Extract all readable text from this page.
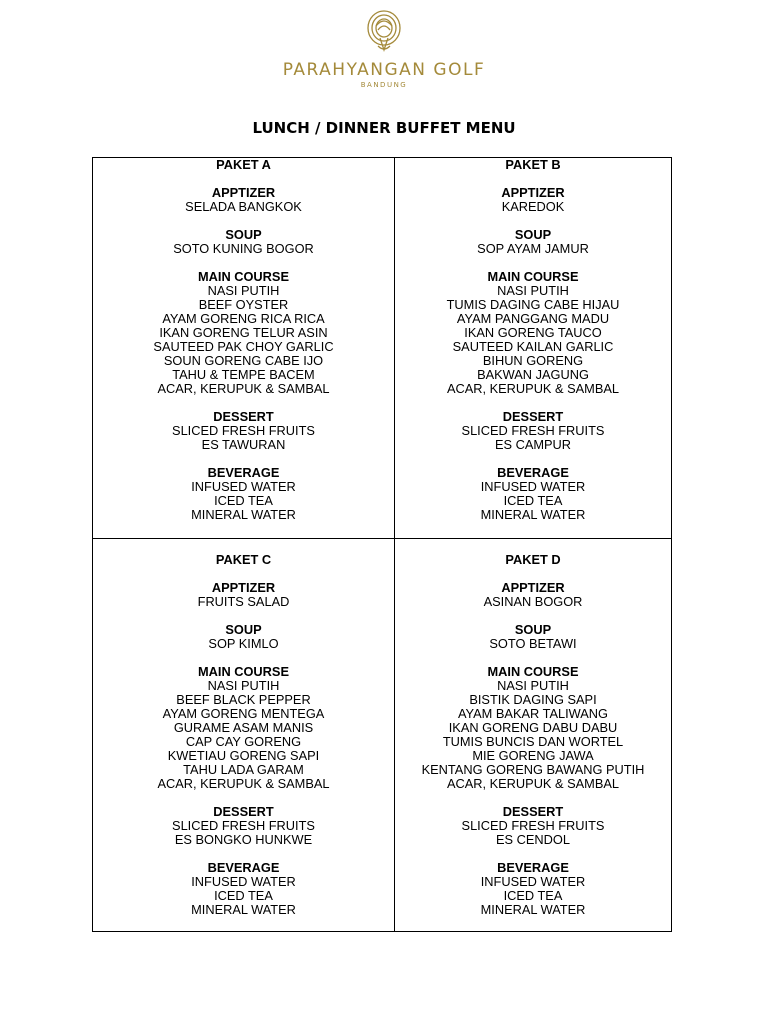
PARAHYANGAN GOLF
BANDUNG
LUNCH / DINNER BUFFET MENU
PAKET A
APPTIZER
SELADA BANGKOK
SOUP
SOTO KUNING BOGOR
MAIN COURSE
NASI PUTIH
BEEF OYSTER
AYAM GORENG RICA RICA
IKAN GORENG TELUR ASIN
SAUTEED PAK CHOY GARLIC
SOUN GORENG CABE IJO
TAHU & TEMPE BACEM
ACAR, KERUPUK & SAMBAL
DESSERT
SLICED FRESH FRUITS
ES TAWURAN
BEVERAGE
INFUSED WATER
ICED TEA
MINERAL WATER
PAKET B
APPTIZER
KAREDOK
SOUP
SOP AYAM JAMUR
MAIN COURSE
NASI PUTIH
TUMIS DAGING CABE HIJAU
AYAM PANGGANG MADU
IKAN GORENG TAUCO
SAUTEED KAILAN GARLIC
BIHUN GORENG
BAKWAN JAGUNG
ACAR, KERUPUK & SAMBAL
DESSERT
SLICED FRESH FRUITS
ES CAMPUR
BEVERAGE
INFUSED WATER
ICED TEA
MINERAL WATER
PAKET C
APPTIZER
FRUITS SALAD
SOUP
SOP KIMLO
MAIN COURSE
NASI PUTIH
BEEF BLACK PEPPER
AYAM GORENG MENTEGA
GURAME ASAM MANIS
CAP CAY GORENG
KWETIAU GORENG SAPI
TAHU LADA GARAM
ACAR, KERUPUK & SAMBAL
DESSERT
SLICED FRESH FRUITS
ES BONGKO HUNKWE
BEVERAGE
INFUSED WATER
ICED TEA
MINERAL WATER
PAKET D
APPTIZER
ASINAN BOGOR
SOUP
SOTO BETAWI
MAIN COURSE
NASI PUTIH
BISTIK DAGING SAPI
AYAM BAKAR TALIWANG
IKAN GORENG DABU DABU
TUMIS BUNCIS DAN WORTEL
MIE GORENG JAWA
KENTANG GORENG BAWANG PUTIH
ACAR, KERUPUK & SAMBAL
DESSERT
SLICED FRESH FRUITS
ES CENDOL
BEVERAGE
INFUSED WATER
ICED TEA
MINERAL WATER
